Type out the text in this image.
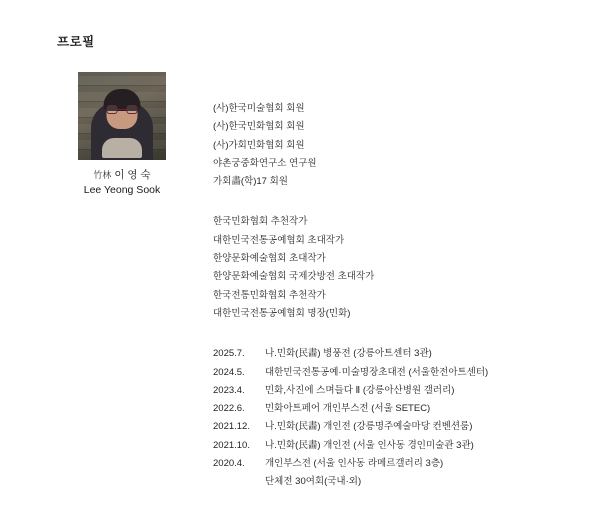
프로필
竹林 이 영 숙
Lee Yeong Sook
(사)한국미술협회 회원
(사)한국민화협회 회원
(사)가회민화협회 회원
야촌궁중화연구소 연구원
가회畵(학)17 회원
한국민화협회 추천작가
대한민국전통공예협회 초대작가
한양문화예술협회 초대작가
한양문화예술협회 국제갓방전 초대작가
한국전통민화협회 추천작가
대한민국전통공예협회 명장(민화)
2025.7. 나.민화(民畵) 병풍전 (강릉아트센터 3관)
2024.5. 대한민국전통공예·미술명장초대전 (서울한전아트센터)
2023.4. 민화,사진에 스며들다 Ⅱ (강릉아산병원 갤러리)
2022.6. 민화아트페어 개인부스전 (서울 SETEC)
2021.12. 나.민화(民畵) 개인전 (강릉명주예술마당 컨벤션룸)
2021.10. 나.민화(民畵) 개인전 (서울 인사동 경인미술관 3관)
2020.4. 개인부스전 (서울 인사동 라메르갤러리 3층)
단체전 30여회(국내·외)
